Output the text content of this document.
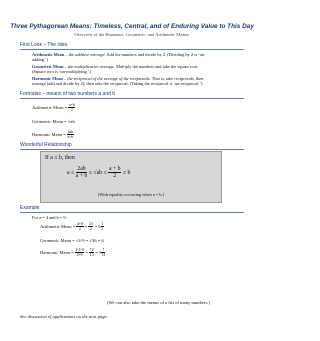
Three Pythagorean Means: Timeless, Central, and of Enduring Value to This Day
Overview of the Harmonic, Geometric, and Arithmetic Means.
First Look – The Idea
Arithmetic Mean – the additive average. Add the numbers and divide by 2. (Dividing by 2 is ‘un-
adding.’)
Geometric Mean – the multiplicative average. Multiply the numbers and take the square root.
(Square root is ‘un-multiplying.’)
Harmonic Mean – the reciprocal of the average of the reciprocals. That is, take reciprocals, then
average (add and divide by 2), then take the reciprocal. (Taking the reciprocal is ‘un-reciprocal.’)
Formulas – means of two numbers a and b
Arithmetic Mean = $\frac{a+b}{2}$
Geometric Mean = √ab
Harmonic Mean = $\frac{2ab}{a+b}$
Wonderful Relationship
If a ≤ b, then
$a \le \frac{2ab}{a + b} \le √ab \le \frac{a + b}{2} \le b$
(With equality occurring when a = b.)
Example
For a = 4 and b = 9:
Arithmetic Mean = $\frac{4+9}{2} = \frac{13}{2} = 6 \frac{1}{2}$
Geometric Mean = √4·9 = √36 = 6
Harmonic Mean = $\frac{2\cdot 4\cdot 9}{4+9} = \frac{72}{13} = 5 \frac{7}{13}$
(We can also take the means of a list of many numbers.)
See discussion of applications on the next page.
